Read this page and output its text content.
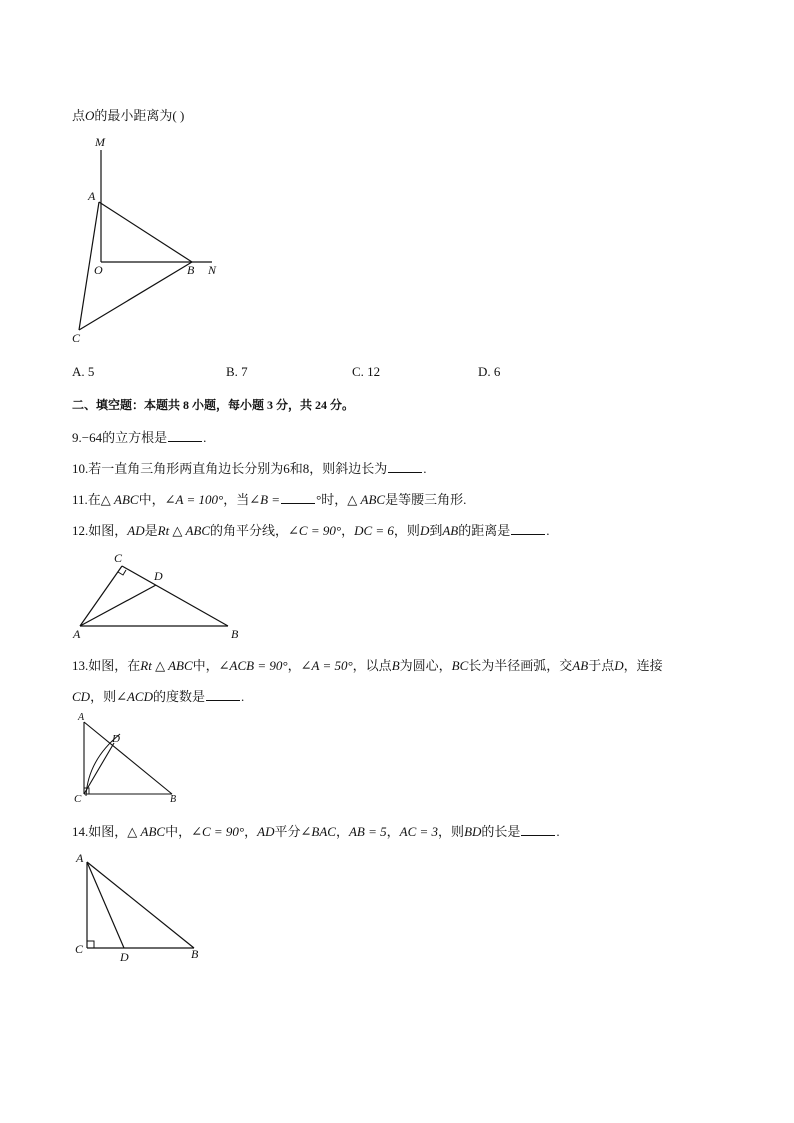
点O的最小距离为( )
M
A
O	B N
C
A. 5	B. 7	C. 12	D. 6
二、填空题：本题共 8 小题，每小题 3 分，共 24 分。
9.−64的立方根是	.
10.若一直角三角形两直角边长分别为6和8，则斜边长为	.
11.在△ ABC中，∠A = 100°，当∠B =	°时，△ ABC是等腰三角形.
12.如图，AD是Rt △ ABC的角平分线，∠C = 90°，DC = 6，则D到AB的距离是	.
C
D
A	B
13.如图，在Rt △ ABC中，∠ACB = 90°，∠A = 50°，以点B为圆心，BC长为半径画弧，交AB于点D，连接
CD，则∠ACD的度数是	.
A
D
C	B
14.如图，△ ABC中，∠C = 90°，AD平分∠BAC，AB = 5，AC = 3，则BD的长是	.
A
C
D	B
